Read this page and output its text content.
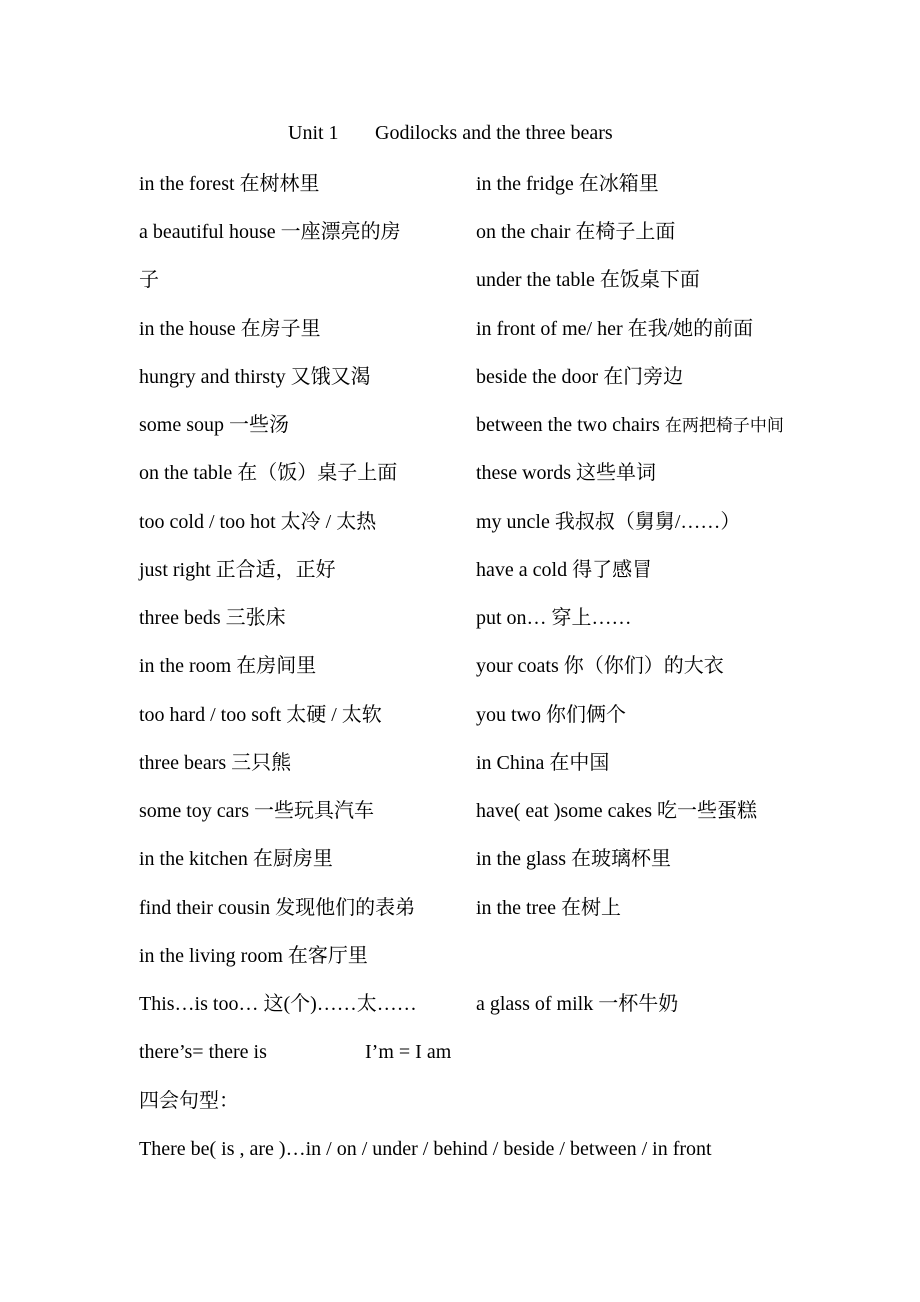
Unit 1 Godilocks and the three bears
in the forest 在树林里
a beautiful house 一座漂亮的房
子
in the house 在房子里
hungry and thirsty 又饿又渴
some soup 一些汤
on the table 在（饭）桌子上面
too cold / too hot 太冷 / 太热
just right 正合适，正好
three beds 三张床
in the room 在房间里
too hard / too soft 太硬 / 太软
three bears 三只熊
some toy cars 一些玩具汽车
in the kitchen 在厨房里
find their cousin 发现他们的表弟
in the living room 在客厅里
This…is too… 这(个)……太……
in the fridge 在冰箱里
on the chair 在椅子上面
under the table 在饭桌下面
in front of me/ her 在我/她的前面
beside the door 在门旁边
between the two chairs 在两把椅子中间
these words 这些单词
my uncle 我叔叔（舅舅/……）
have a cold 得了感冒
put on… 穿上……
your coats 你（你们）的大衣
you two 你们俩个
in China 在中国
have( eat )some cakes 吃一些蛋糕
in the glass 在玻璃杯里
in the tree 在树上
a glass of milk 一杯牛奶
there’s= there is	I’m = I am
四会句型：
There be( is , are )…in / on / under / behind / beside / between / in front
